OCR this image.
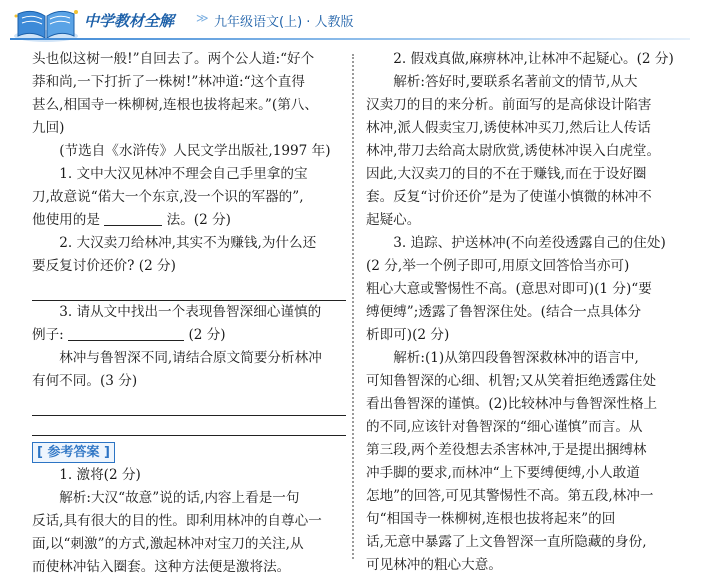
中学教材全解 ≫ 九年级语文(上) · 人教版
头也似这树一般!”自回去了。两个公人道:“好个
莽和尚,一下打折了一株树!”林冲道:“这个直得
甚么,相国寺一株柳树,连根也拔将起来。”(第八、
九回)
(节选自《水浒传》人民文学出版社,1997 年)
1. 文中大汉见林冲不理会自己手里拿的宝
刀,故意说“偌大一个东京,没一个识的军器的”,
他使用的是	法。(2 分)
2. 大汉卖刀给林冲,其实不为赚钱,为什么还
要反复讨价还价? (2 分)
3. 请从文中找出一个表现鲁智深细心谨慎的
例子:	(2 分)
林冲与鲁智深不同,请结合原文简要分析林冲
有何不同。(3 分)
[ 参考答案 ]
1. 激将(2 分)
解析:大汉“故意”说的话,内容上看是一句
反话,具有很大的目的性。即利用林冲的自尊心一
面,以“刺激”的方式,激起林冲对宝刀的关注,从
而使林冲钻入圈套。这种方法便是激将法。
2. 假戏真做,麻痹林冲,让林冲不起疑心。(2 分)
解析:答好时,要联系名著前文的情节,从大
汉卖刀的目的来分析。前面写的是高俅设计陷害
林冲,派人假卖宝刀,诱使林冲买刀,然后让人传话
林冲,带刀去给高太尉欣赏,诱使林冲误入白虎堂。
因此,大汉卖刀的目的不在于赚钱,而在于设好圈
套。反复“讨价还价”是为了使谨小慎微的林冲不
起疑心。
3. 追踪、护送林冲(不向差役透露自己的住处)
(2 分,举一个例子即可,用原文回答恰当亦可)
粗心大意或警惕性不高。(意思对即可)(1 分)“要
缚便缚”;透露了鲁智深住处。(结合一点具体分
析即可)(2 分)
解析:(1)从第四段鲁智深救林冲的语言中,
可知鲁智深的心细、机智;又从笑着拒绝透露住处
看出鲁智深的谨慎。(2)比较林冲与鲁智深性格上
的不同,应该针对鲁智深的“细心谨慎”而言。从
第三段,两个差役想去杀害林冲,于是提出捆缚林
冲手脚的要求,而林冲“上下要缚便缚,小人敢道
怎地”的回答,可见其警惕性不高。第五段,林冲一
句“相国寺一株柳树,连根也拔将起来”的回
话,无意中暴露了上文鲁智深一直所隐藏的身份,
可见林冲的粗心大意。
